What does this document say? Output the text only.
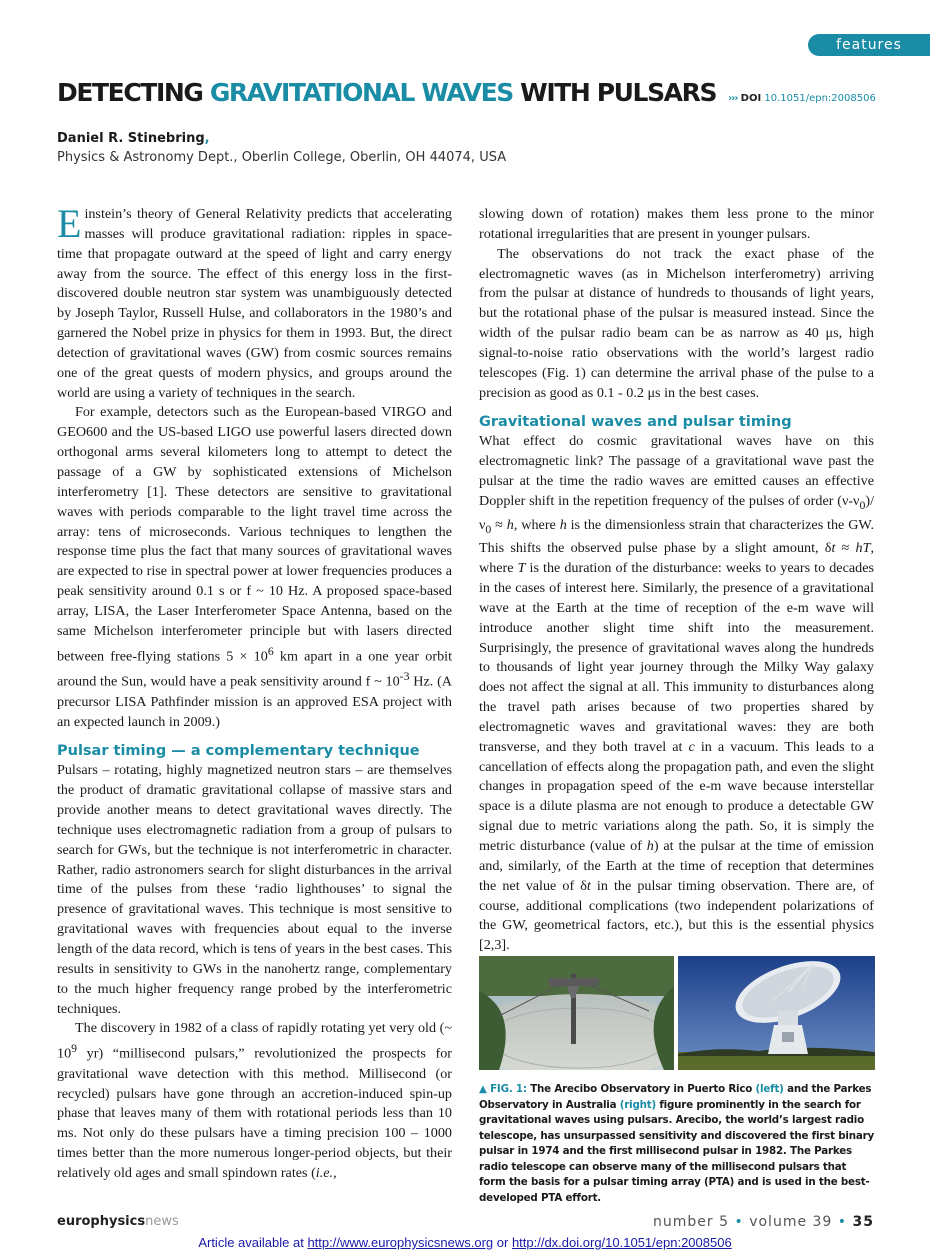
features
DETECTING GRAVITATIONAL WAVES WITH PULSARS ››› DOI 10.1051/epn:2008506
Daniel R. Stinebring,
Physics & Astronomy Dept., Oberlin College, Oberlin, OH 44074, USA

Einstein’s theory of General Relativity predicts that accelerating masses will produce gravitational radiation: ripples in space-time that propagate outward at the speed of light and carry energy away from the source. The effect of this energy loss in the first-discovered double neutron star system was unambiguously detected by Joseph Taylor, Russell Hulse, and collaborators in the 1980’s and garnered the Nobel prize in physics for them in 1993. But, the direct detection of gravitational waves (GW) from cosmic sources remains one of the great quests of modern physics, and groups around the world are using a variety of techniques in the search.

For example, detectors such as the European-based VIRGO and GEO600 and the US-based LIGO use powerful lasers directed down orthogonal arms several kilometers long to attempt to detect the passage of a GW by sophisticated extensions of Michelson interferometry [1]. These detectors are sensitive to gravitational waves with periods comparable to the light travel time across the array: tens of microseconds. Various techniques to lengthen the response time plus the fact that many sources of gravitational waves are expected to rise in spectral power at lower frequencies produces a peak sensitivity around 0.1 s or f ~ 10 Hz. A proposed space-based array, LISA, the Laser Interferometer Space Antenna, based on the same Michelson interferometer principle but with lasers directed between free-flying stations $5 \times 10^6$ km apart in a one year orbit around the Sun, would have a peak sensitivity around f ~ $10^{-3}$ Hz. (A precursor LISA Pathfinder mission is an approved ESA project with an expected launch in 2009.)

Pulsar timing — a complementary technique

Pulsars – rotating, highly magnetized neutron stars – are themselves the product of dramatic gravitational collapse of massive stars and provide another means to detect gravitational waves directly. The technique uses electromagnetic radiation from a group of pulsars to search for GWs, but the technique is not interferometric in character. Rather, radio astronomers search for slight disturbances in the arrival time of the pulses from these ‘radio lighthouses’ to signal the presence of gravitational waves. This technique is most sensitive to gravitational waves with frequencies about equal to the inverse length of the data record, which is tens of years in the best cases. This results in sensitivity to GWs in the nanohertz range, complementary to the much higher frequency range probed by the interferometric techniques.

The discovery in 1982 of a class of rapidly rotating yet very old (~ $10^9$ yr) “millisecond pulsars,” revolutionized the prospects for gravitational wave detection with this method. Millisecond (or recycled) pulsars have gone through an accretion-induced spin-up phase that leaves many of them with rotational periods less than 10 ms. Not only do these pulsars have a timing precision 100 – 1000 times better than the more numerous longer-period objects, but their relatively old ages and small spindown rates (i.e.,

slowing down of rotation) makes them less prone to the minor rotational irregularities that are present in younger pulsars.

The observations do not track the exact phase of the electromagnetic waves (as in Michelson interferometry) arriving from the pulsar at distance of hundreds to thousands of light years, but the rotational phase of the pulsar is measured instead. Since the width of the pulsar radio beam can be as narrow as 40 μs, high signal-to-noise ratio observations with the world’s largest radio telescopes (Fig. 1) can determine the arrival phase of the pulse to a precision as good as 0.1 - 0.2 μs in the best cases.

Gravitational waves and pulsar timing

What effect do cosmic gravitational waves have on this electromagnetic link? The passage of a gravitational wave past the pulsar at the time the radio waves are emitted causes an effective Doppler shift in the repetition frequency of the pulses of order $(\nu-\nu_0)/\nu_0 \approx h$, where h is the dimensionless strain that characterizes the GW. This shifts the observed pulse phase by a slight amount, δt ≈ hT, where T is the duration of the disturbance: weeks to years to decades in the cases of interest here. Similarly, the presence of a gravitational wave at the Earth at the time of reception of the e-m wave will introduce another slight time shift into the measurement. Surprisingly, the presence of gravitational waves along the hundreds to thousands of light year journey through the Milky Way galaxy does not affect the signal at all. This immunity to disturbances along the travel path arises because of two properties shared by electromagnetic waves and gravitational waves: they are both transverse, and they both travel at c in a vacuum. This leads to a cancellation of effects along the propagation path, and even the slight changes in propagation speed of the e-m wave because interstellar space is a dilute plasma are not enough to produce a detectable GW signal due to metric variations along the path. So, it is simply the metric disturbance (value of h) at the pulsar at the time of emission and, similarly, of the Earth at the time of reception that determines the net value of δt in the pulsar timing observation. There are, of course, additional complications (two independent polarizations of the GW, geometrical factors, etc.), but this is the essential physics [2,3].

▲ FIG. 1: The Arecibo Observatory in Puerto Rico (left) and the Parkes Observatory in Australia (right) figure prominently in the search for gravitational waves using pulsars. Arecibo, the world’s largest radio telescope, has unsurpassed sensitivity and discovered the first binary pulsar in 1974 and the first millisecond pulsar in 1982. The Parkes radio telescope can observe many of the millisecond pulsars that form the basis for a pulsar timing array (PTA) and is used in the best-developed PTA effort.
europhysicsnews	number 5 • volume 39 • 35
Article available at http://www.europhysicsnews.org or http://dx.doi.org/10.1051/epn:2008506
